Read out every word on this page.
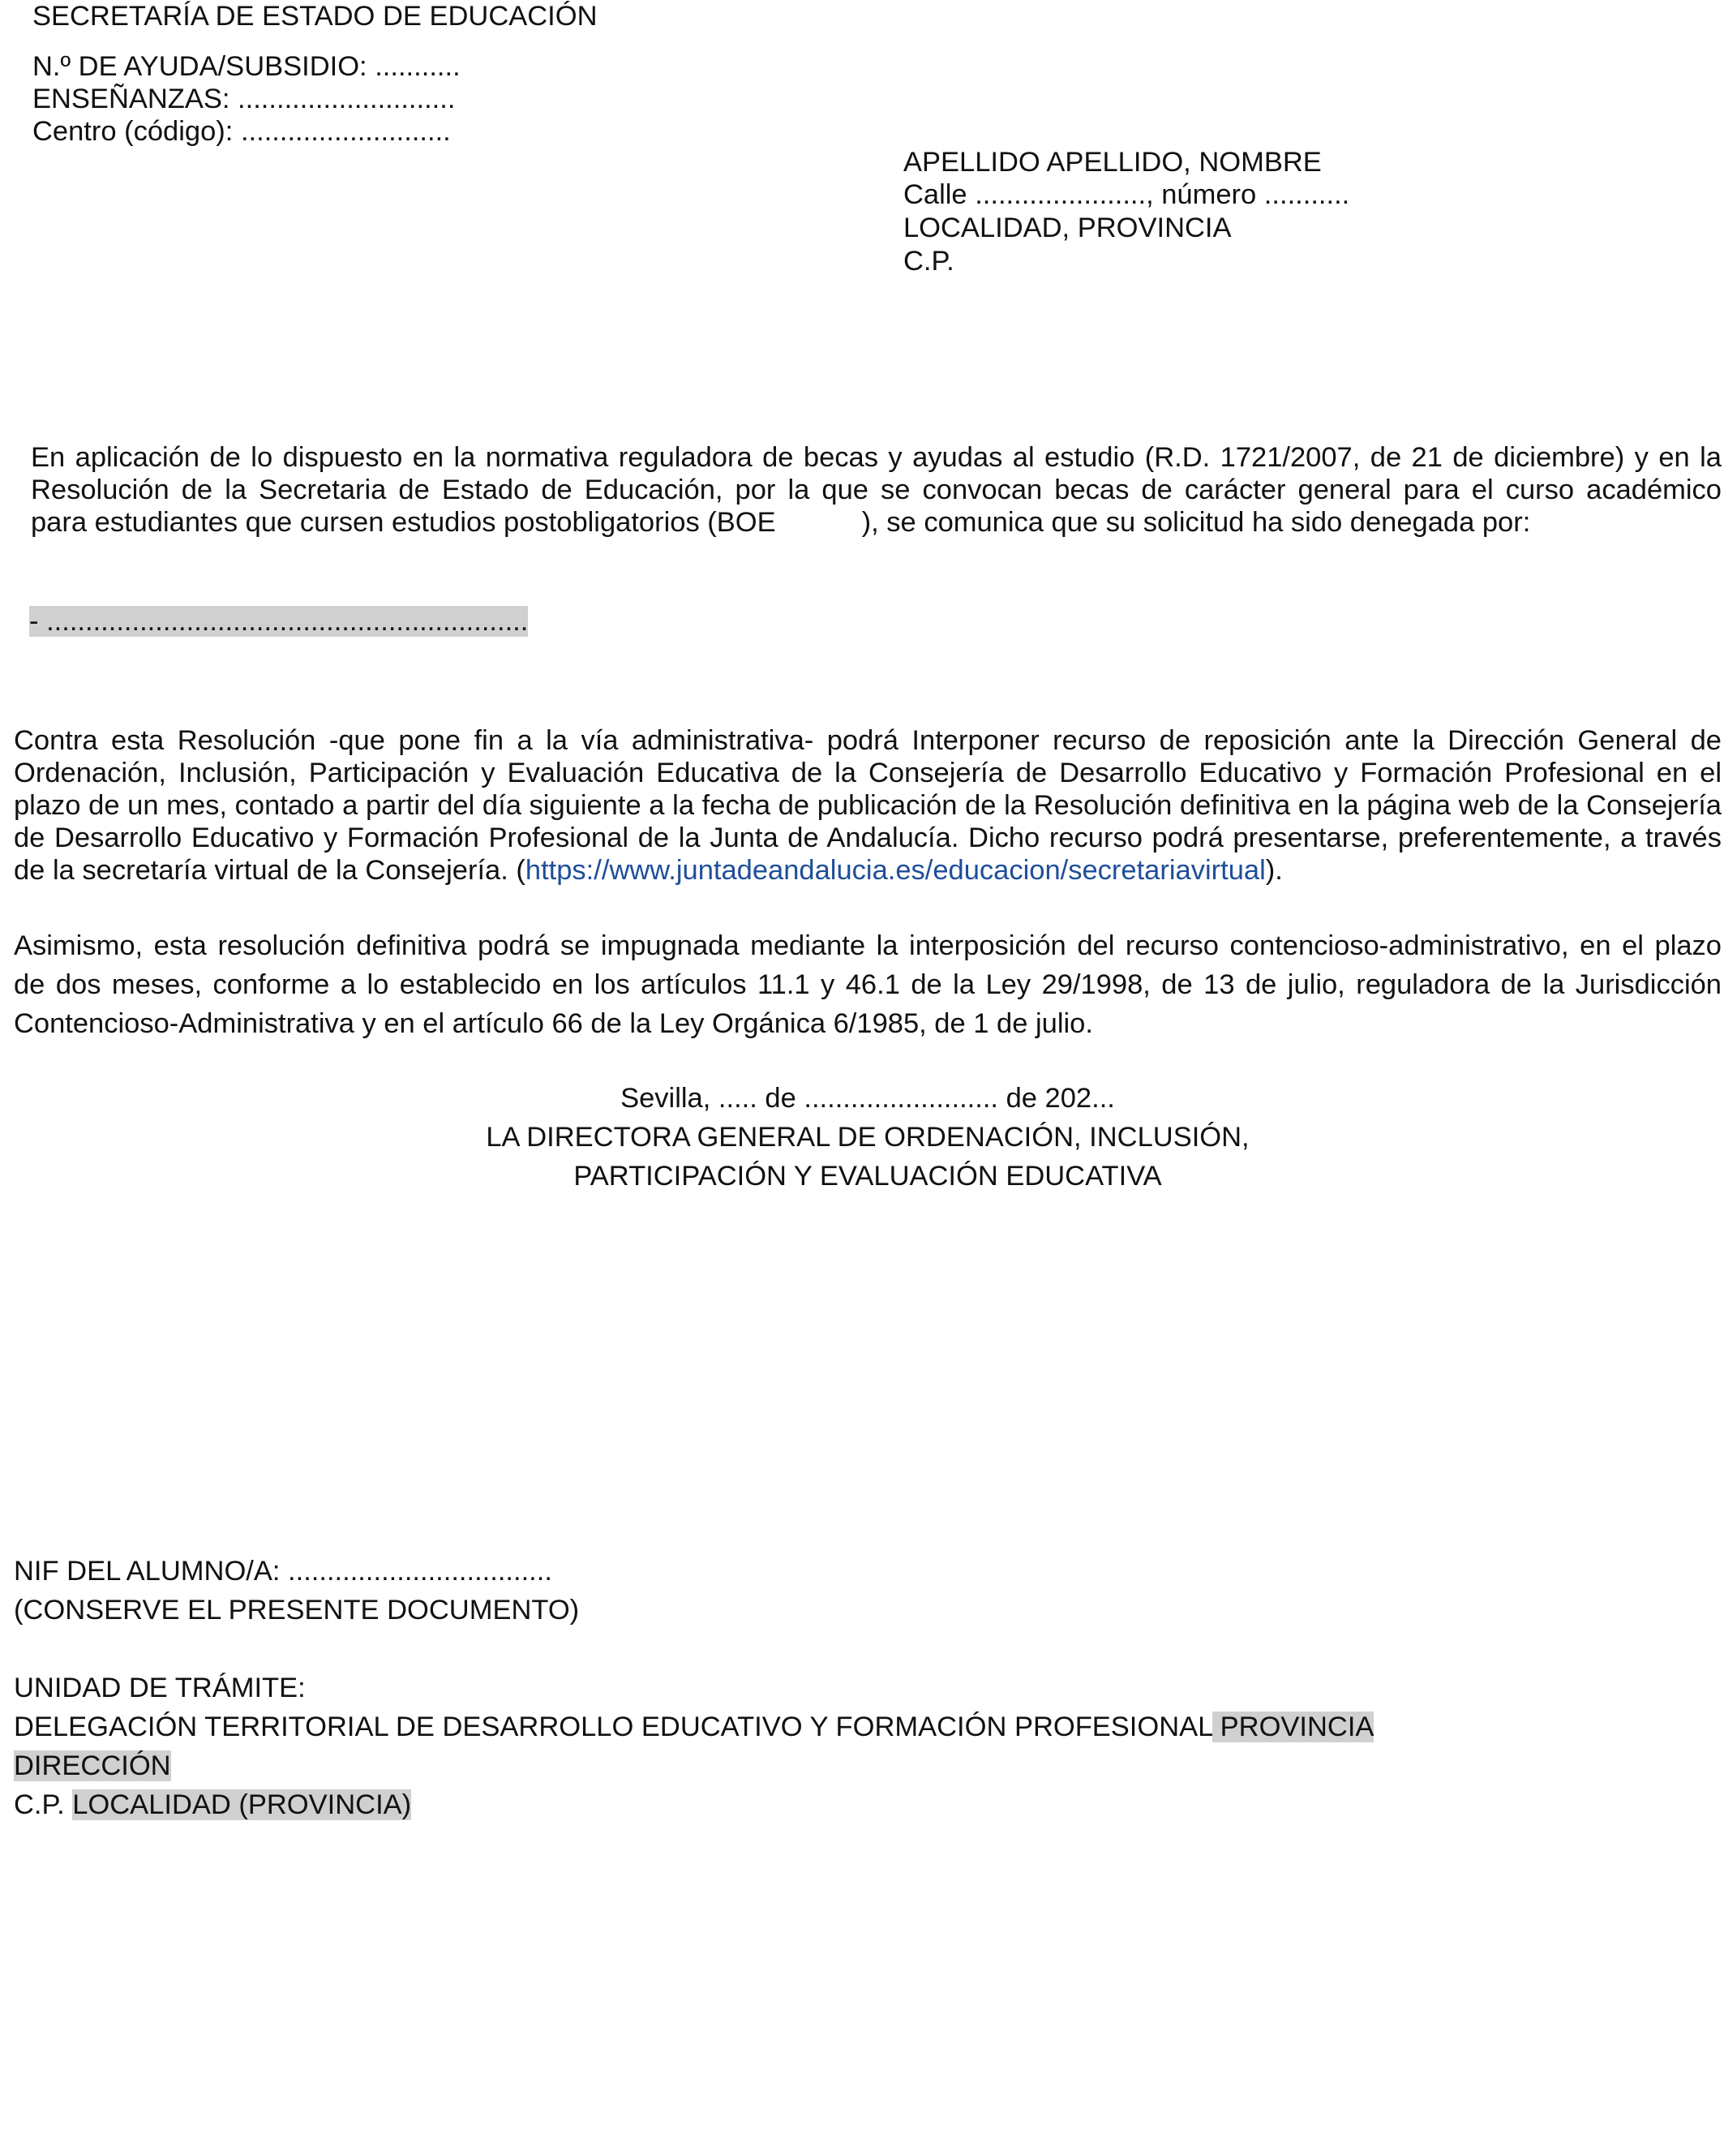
SECRETARÍA DE ESTADO DE EDUCACIÓN
N.º DE AYUDA/SUBSIDIO: ...........
ENSEÑANZAS: ............................
Centro (código): ...........................
APELLIDO APELLIDO, NOMBRE
Calle ......................, número ...........
LOCALIDAD, PROVINCIA
C.P.
En aplicación de lo dispuesto en la normativa reguladora de becas y ayudas al estudio (R.D. 1721/2007, de 21 de diciembre) y en la
Resolución de la Secretaria de Estado de Educación, por la que se convocan becas de carácter general para el curso académico
para estudiantes que cursen estudios postobligatorios (BOE	), se comunica que su solicitud ha sido denegada por:
- ..............................................................
Contra esta Resolución -que pone fin a la vía administrativa- podrá Interponer recurso de reposición ante la Dirección General de
Ordenación, Inclusión, Participación y Evaluación Educativa de la Consejería de Desarrollo Educativo y Formación Profesional en el
plazo de un mes, contado a partir del día siguiente a la fecha de publicación de la Resolución definitiva en la página web de la Consejería
de Desarrollo Educativo y Formación Profesional de la Junta de Andalucía. Dicho recurso podrá presentarse, preferentemente, a través
de la secretaría virtual de la Consejería. (https://www.juntadeandalucia.es/educacion/secretariavirtual).
Asimismo, esta resolución definitiva podrá se impugnada mediante la interposición del recurso contencioso-administrativo, en el plazo
de dos meses, conforme a lo establecido en los artículos 11.1 y 46.1 de la Ley 29/1998, de 13 de julio, reguladora de la Jurisdicción
Contencioso-Administrativa y en el artículo 66 de la Ley Orgánica 6/1985, de 1 de julio.
Sevilla, ..... de ......................... de 202...
LA DIRECTORA GENERAL DE ORDENACIÓN, INCLUSIÓN,
PARTICIPACIÓN Y EVALUACIÓN EDUCATIVA
NIF DEL ALUMNO/A: ..................................
(CONSERVE EL PRESENTE DOCUMENTO)
UNIDAD DE TRÁMITE:
DELEGACIÓN TERRITORIAL DE DESARROLLO EDUCATIVO Y FORMACIÓN PROFESIONAL PROVINCIA
DIRECCIÓN
C.P. LOCALIDAD (PROVINCIA)
